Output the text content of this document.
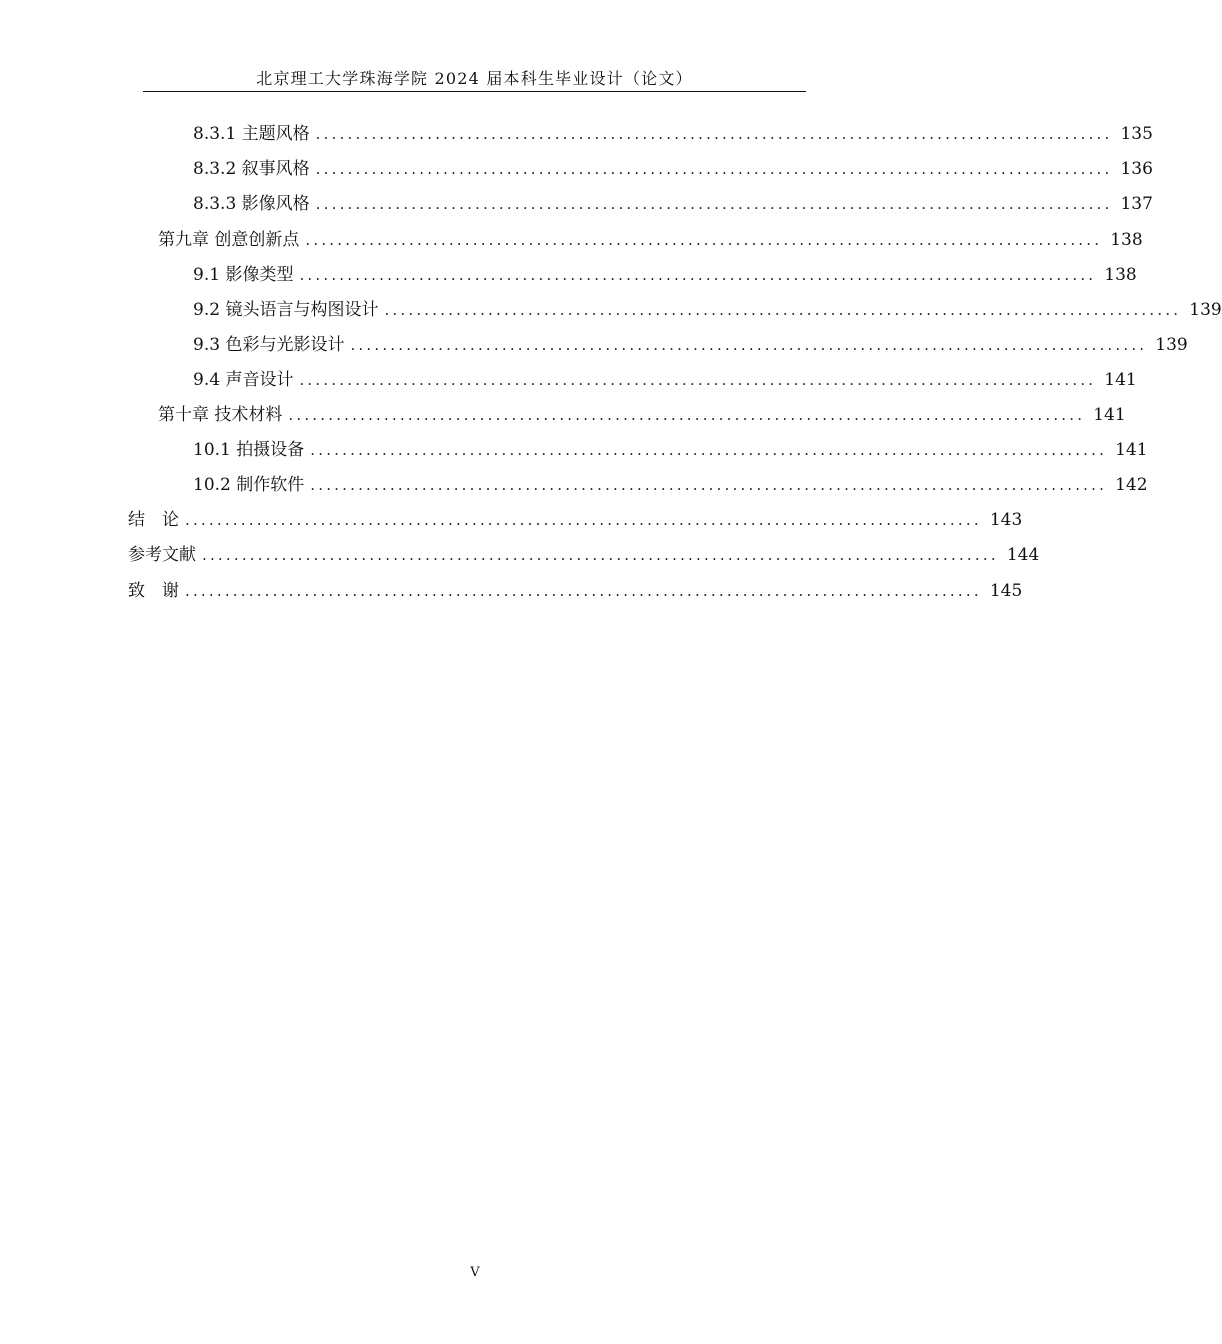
北京理工大学珠海学院 2024 届本科生毕业设计（论文）
8.3.1 主题风格 .................................................................................................... 135
8.3.2 叙事风格 .................................................................................................... 136
8.3.3 影像风格 .................................................................................................... 137
第九章 创意创新点 .................................................................................................... 138
9.1 影像类型 .................................................................................................... 138
9.2 镜头语言与构图设计 .................................................................................................... 139
9.3 色彩与光影设计 .................................................................................................... 139
9.4 声音设计 .................................................................................................... 141
第十章 技术材料 .................................................................................................... 141
10.1 拍摄设备 .................................................................................................... 141
10.2 制作软件 .................................................................................................... 142
结　论 .................................................................................................... 143
参考文献 .................................................................................................... 144
致　谢 .................................................................................................... 145
V
